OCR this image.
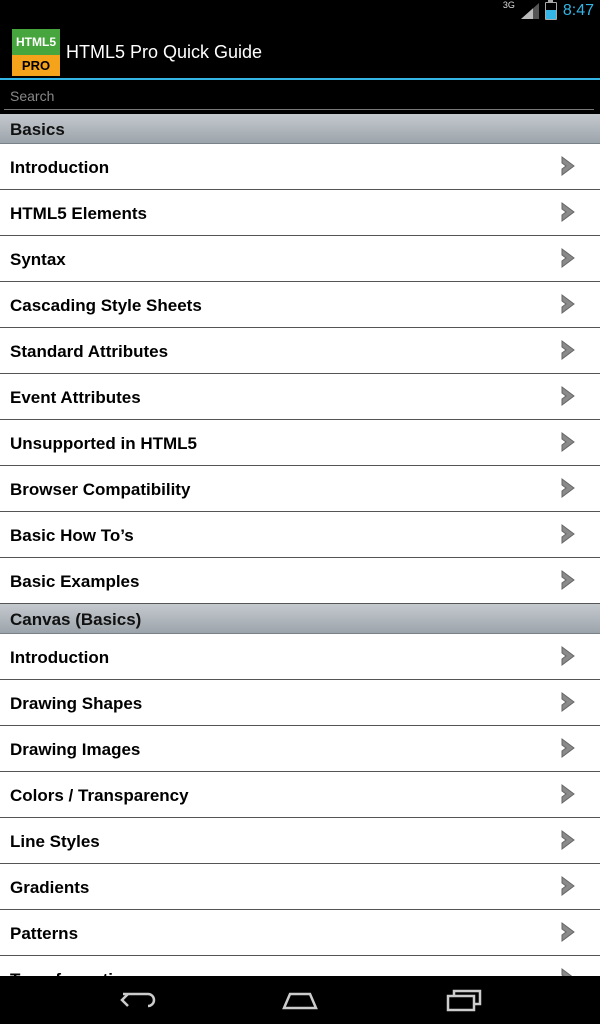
3G	8:47
HTML5
PRO
HTML5 Pro Quick Guide
Search
Basics
Introduction
HTML5 Elements
Syntax
Cascading Style Sheets
Standard Attributes
Event Attributes
Unsupported in HTML5
Browser Compatibility
Basic How To’s
Basic Examples
Canvas (Basics)
Introduction
Drawing Shapes
Drawing Images
Colors / Transparency
Line Styles
Gradients
Patterns
